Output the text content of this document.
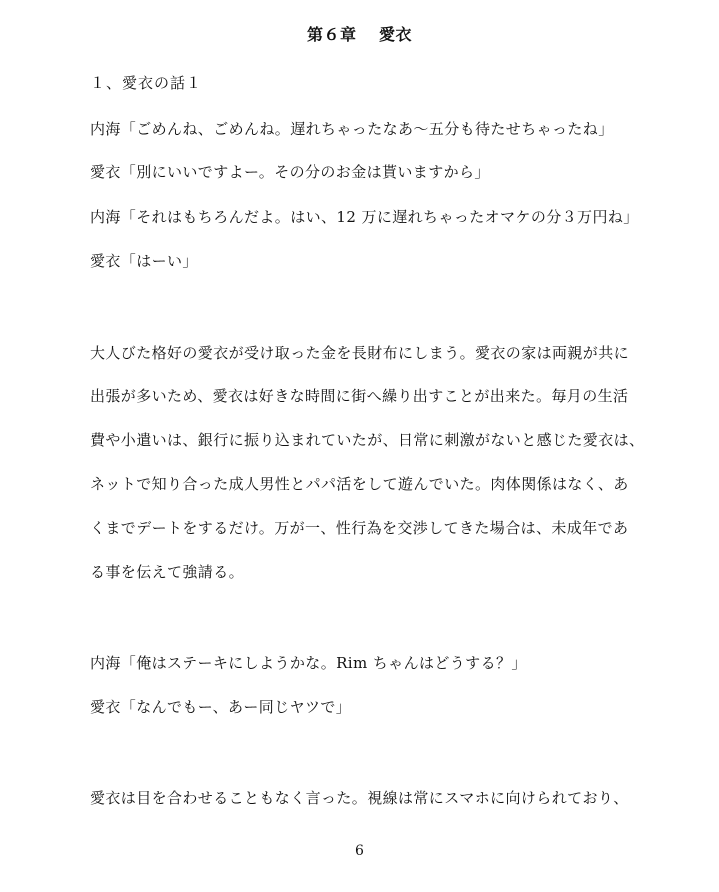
第６章　 愛衣
１、愛衣の話１
内海「ごめんね、ごめんね。遅れちゃったなあ〜五分も待たせちゃったね」
愛衣「別にいいですよー。その分のお金は貰いますから」
内海「それはもちろんだよ。はい、12 万に遅れちゃったオマケの分３万円ね」
愛衣「はーい」
大人びた格好の愛衣が受け取った金を長財布にしまう。愛衣の家は両親が共に
出張が多いため、愛衣は好きな時間に街へ繰り出すことが出来た。毎月の生活
費や小遣いは、銀行に振り込まれていたが、日常に刺激がないと感じた愛衣は、
ネットで知り合った成人男性とパパ活をして遊んでいた。肉体関係はなく、あ
くまでデートをするだけ。万が一、性行為を交渉してきた場合は、未成年であ
る事を伝えて強請る。
内海「俺はステーキにしようかな。Rim ちゃんはどうする？」
愛衣「なんでもー、あー同じヤツで」
愛衣は目を合わせることもなく言った。視線は常にスマホに向けられており、
6
